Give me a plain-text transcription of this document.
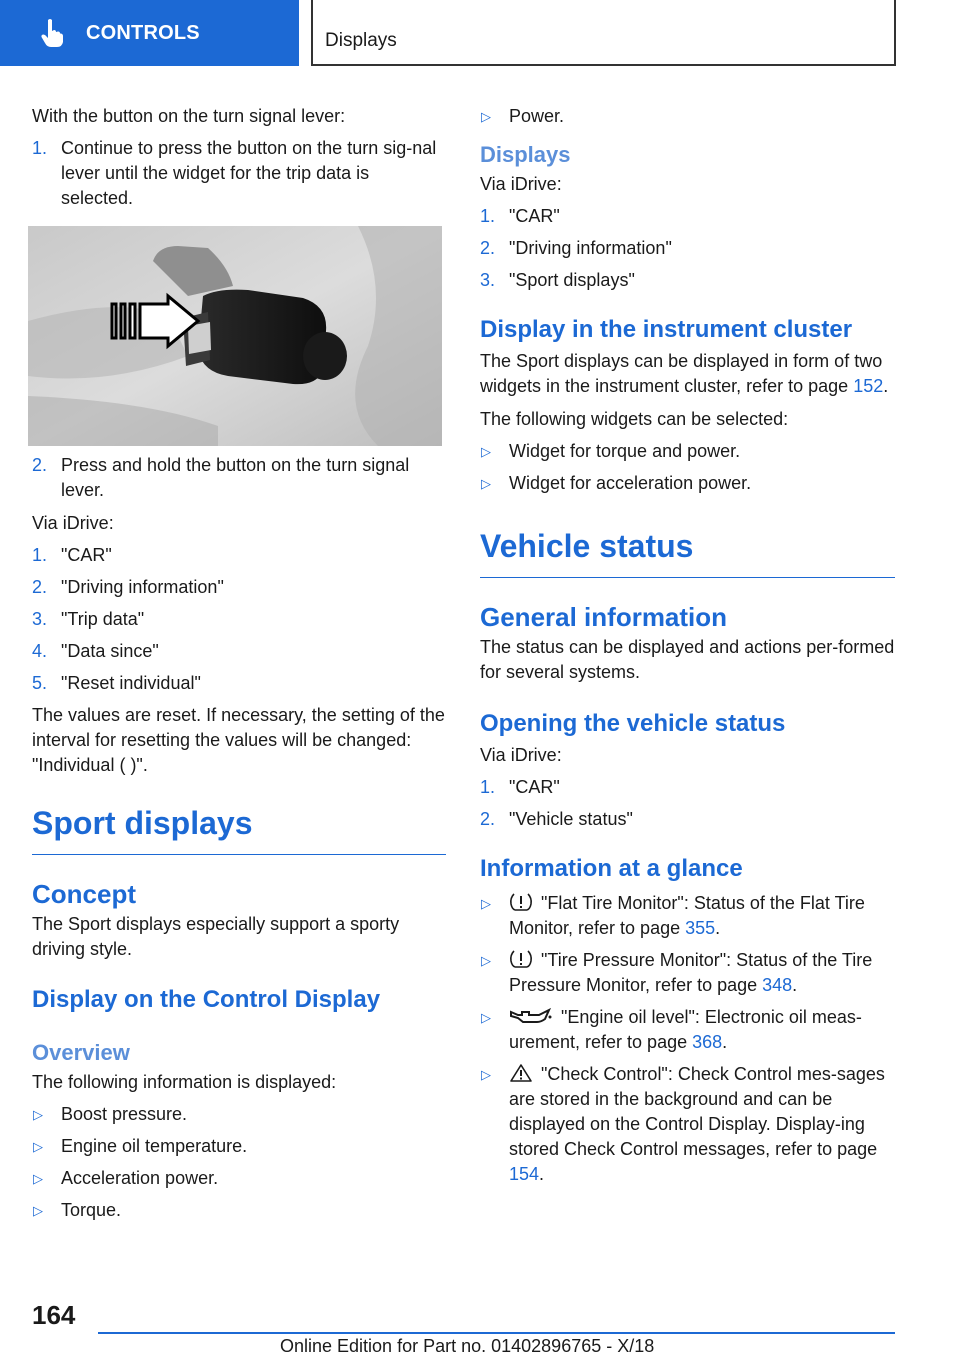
CONTROLS	Displays

With the button on the turn signal lever:

1. Continue to press the button on the turn sig-nal lever until the widget for the trip data is selected.
2. Press and hold the button on the turn signal lever.

Via iDrive:

1. "CAR"
2. "Driving information"
3. "Trip data"
4. "Data since"
5. "Reset individual"

The values are reset. If necessary, the setting of the interval for resetting the values will be changed: "Individual ( )".

Sport displays
Concept

The Sport displays especially support a sporty driving style.

Display on the Control Display
Overview

The following information is displayed:

▷ Boost pressure.
▷ Engine oil temperature.
▷ Acceleration power.
▷ Torque.
▷ Power.
Displays

Via iDrive:

1. "CAR"
2. "Driving information"
3. "Sport displays"
Display in the instrument cluster

The Sport displays can be displayed in form of two widgets in the instrument cluster, refer to page 152.

The following widgets can be selected:

▷ Widget for torque and power.
▷ Widget for acceleration power.
Vehicle status
General information

The status can be displayed and actions per-formed for several systems.

Opening the vehicle status

Via iDrive:

1. "CAR"
2. "Vehicle status"
Information at a glance
▷	"Flat Tire Monitor": Status of the Flat Tire Monitor, refer to page 355.
▷	"Tire Pressure Monitor": Status of the Tire Pressure Monitor, refer to page 348.
▷	"Engine oil level": Electronic oil meas-urement, refer to page 368.
▷	"Check Control": Check Control mes-sages are stored in the background and can be displayed on the Control Display. Display-ing stored Check Control messages, refer to page 154.
164
Online Edition for Part no. 01402896765 - X/18
